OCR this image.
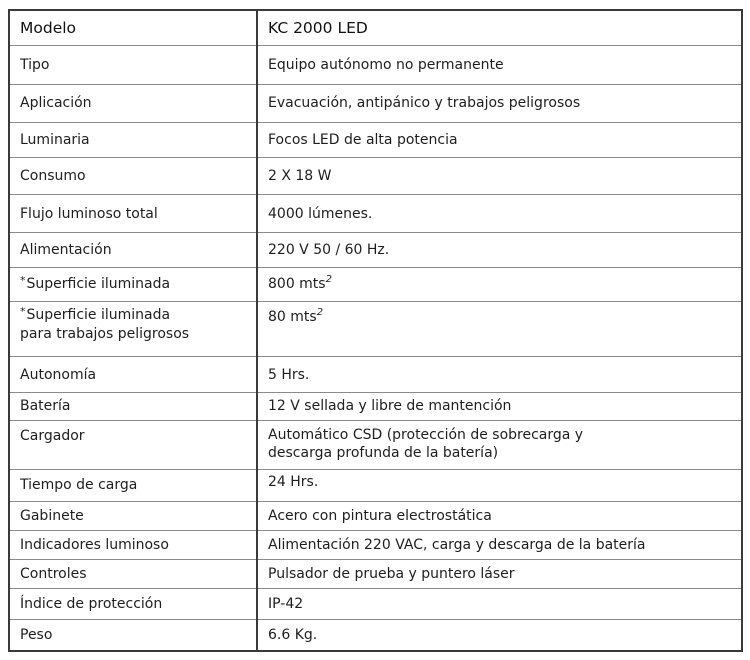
Modelo	KC 2000 LED
Tipo	Equipo autónomo no permanente
Aplicación	Evacuación, antipánico y trabajos peligrosos
Luminaria	Focos LED de alta potencia
Consumo	2 X 18 W
Flujo luminoso total	4000 lúmenes.
Alimentación	220 V 50 / 60 Hz.
*Superficie iluminada	800 mts$^2$
*Superficie iluminada
para trabajos peligrosos	80 mts$^2$
Autonomía	5 Hrs.
Batería	12 V sellada y libre de mantención
Cargador	Automático CSD (protección de sobrecarga y
descarga profunda de la batería)
Tiempo de carga	24 Hrs.
Gabinete	Acero con pintura electrostática
Indicadores luminoso	Alimentación 220 VAC, carga y descarga de la batería
Controles	Pulsador de prueba y puntero láser
Índice de protección	IP-42
Peso	6.6 Kg.
